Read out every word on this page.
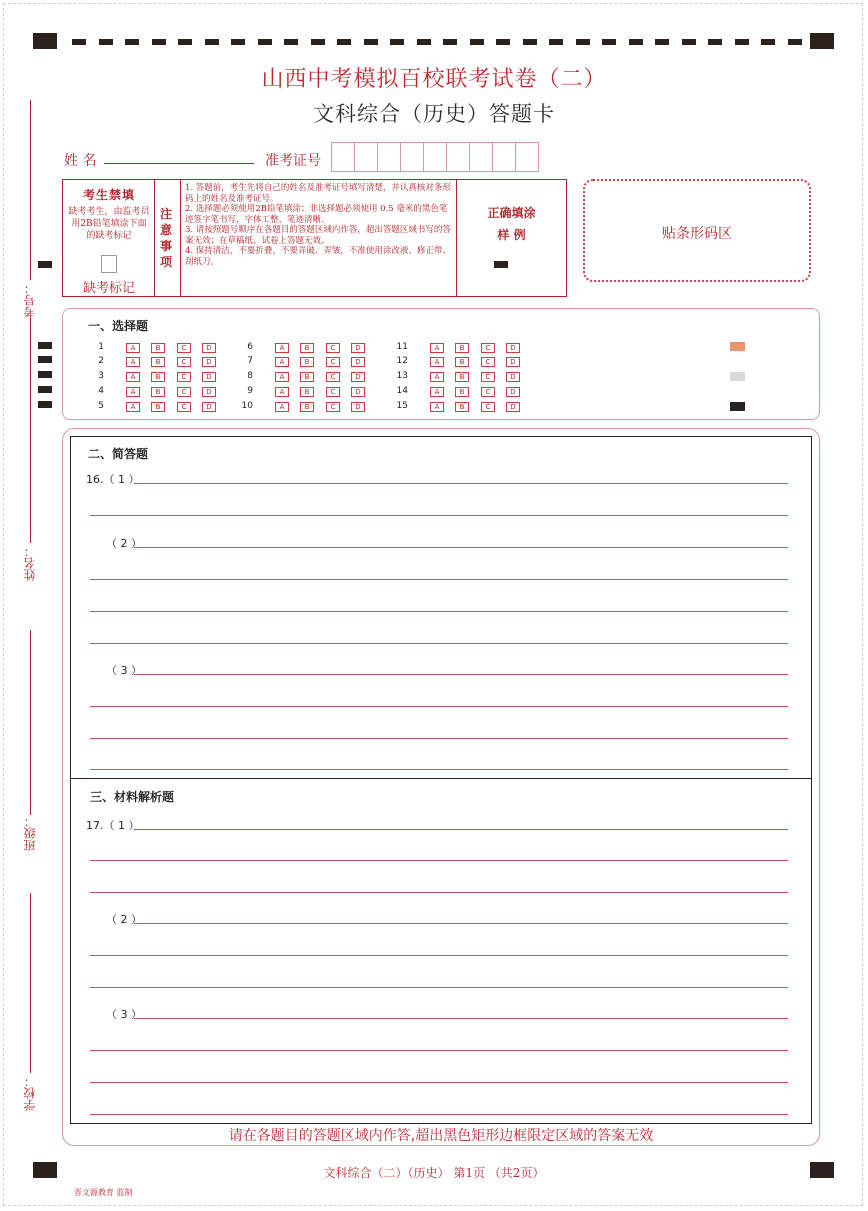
考号：
姓名：
班级：
学校：
山西中考模拟百校联考试卷（二）
文科综合（历史）答题卡
姓 名	准考证号
考生禁填
缺考考生，由监考员用2B铅笔填涂下面的缺考标记
缺考标记
注意事项
1. 答题前，考生先将自己的姓名及准考证号填写清楚，并认真核对条形码上的姓名及准考证号。
2. 选择题必须使用2B铅笔填涂；非选择题必须使用 0.5 毫米的黑色笔迹签字笔书写，字体工整、笔迹清晰。
3. 请按照题号顺序在各题目的答题区域内作答，超出答题区域书写的答案无效；在草稿纸、试卷上答题无效。
4. 保持清洁，不要折叠，不要弄破、弄皱，不准使用涂改液、修正带、刮纸刀。
正确填涂
样 例	贴条形码区
一、选择题
1	A	B	C	D
2	A	B	C	D
3	A	B	C	D
4	A	B	C	D
5	A	B	C	D
6	A	B	C	D
7	A	B	C	D
8	A	B	C	D
9	A	B	C	D
10	A	B	C	D
11	A	B	C	D
12	A	B	C	D
13	A	B	C	D
14	A	B	C	D
15	A	B	C	D
二、简答题
16.（ 1 ）
（ 2 ）
（ 3 ）
三、材料解析题
17.（ 1 ）
（ 2 ）
（ 3 ）
请在各题目的答题区域内作答,超出黑色矩形边框限定区域的答案无效
文科综合（二）（历史） 第1页 （共2页）
晋文源教育 监制
